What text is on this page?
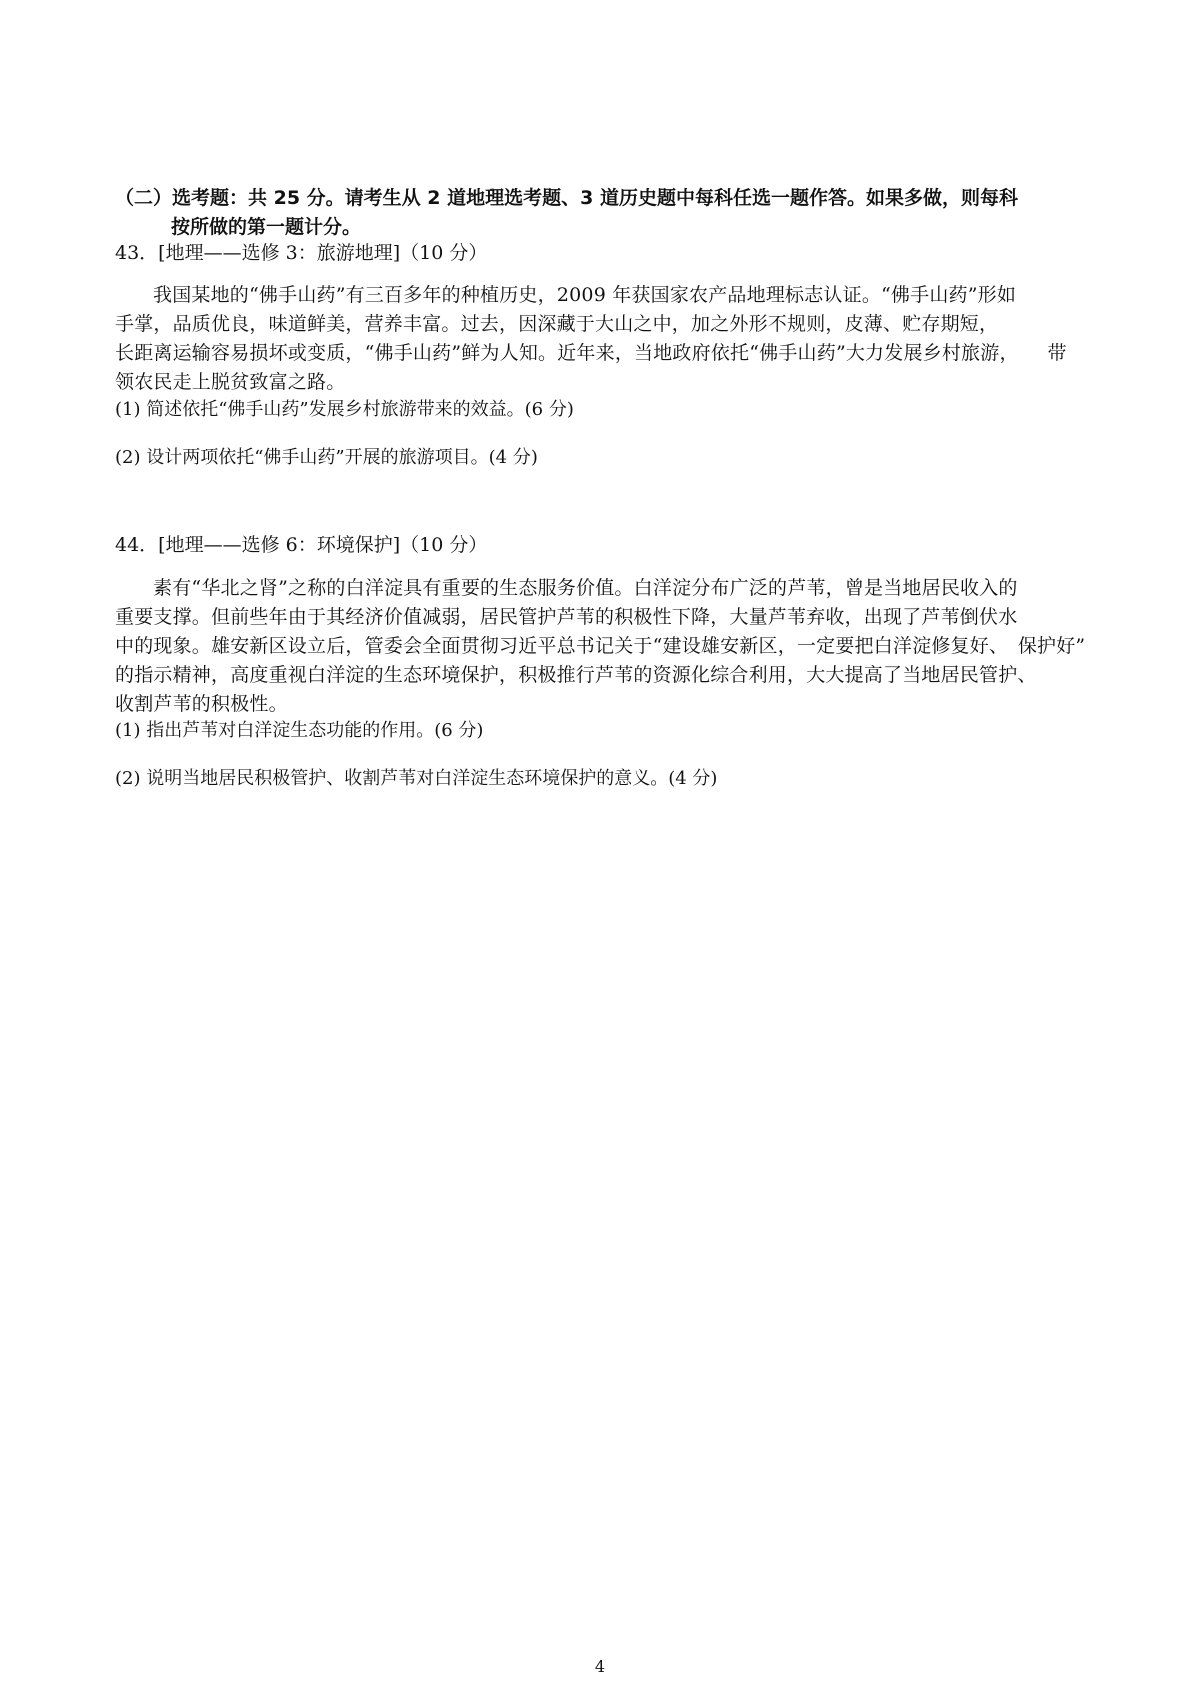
（二）选考题：共 25 分。请考生从 2 道地理选考题、3 道历史题中每科任选一题作答。如果多做，则每科
按所做的第一题计分。
43．[地理——选修 3：旅游地理]（10 分）
我国某地的“佛手山药”有三百多年的种植历史，2009 年获国家农产品地理标志认证。“佛手山药”形如
手掌，品质优良，味道鲜美，营养丰富。过去，因深藏于大山之中，加之外形不规则，皮薄、贮存期短，
长距离运输容易损坏或变质，“佛手山药”鲜为人知。近年来，当地政府依托“佛手山药”大力发展乡村旅游，　　带
领农民走上脱贫致富之路。
(1) 简述依托“佛手山药”发展乡村旅游带来的效益。(6 分)
(2) 设计两项依托“佛手山药”开展的旅游项目。(4 分)
44．[地理——选修 6：环境保护]（10 分）
素有“华北之肾”之称的白洋淀具有重要的生态服务价值。白洋淀分布广泛的芦苇，曾是当地居民收入的
重要支撑。但前些年由于其经济价值减弱，居民管护芦苇的积极性下降，大量芦苇弃收，出现了芦苇倒伏水
中的现象。雄安新区设立后，管委会全面贯彻习近平总书记关于“建设雄安新区，一定要把白洋淀修复好、　保护好”
的指示精神，高度重视白洋淀的生态环境保护，积极推行芦苇的资源化综合利用，大大提高了当地居民管护、
收割芦苇的积极性。
(1) 指出芦苇对白洋淀生态功能的作用。(6 分)
(2) 说明当地居民积极管护、收割芦苇对白洋淀生态环境保护的意义。(4 分)
4
